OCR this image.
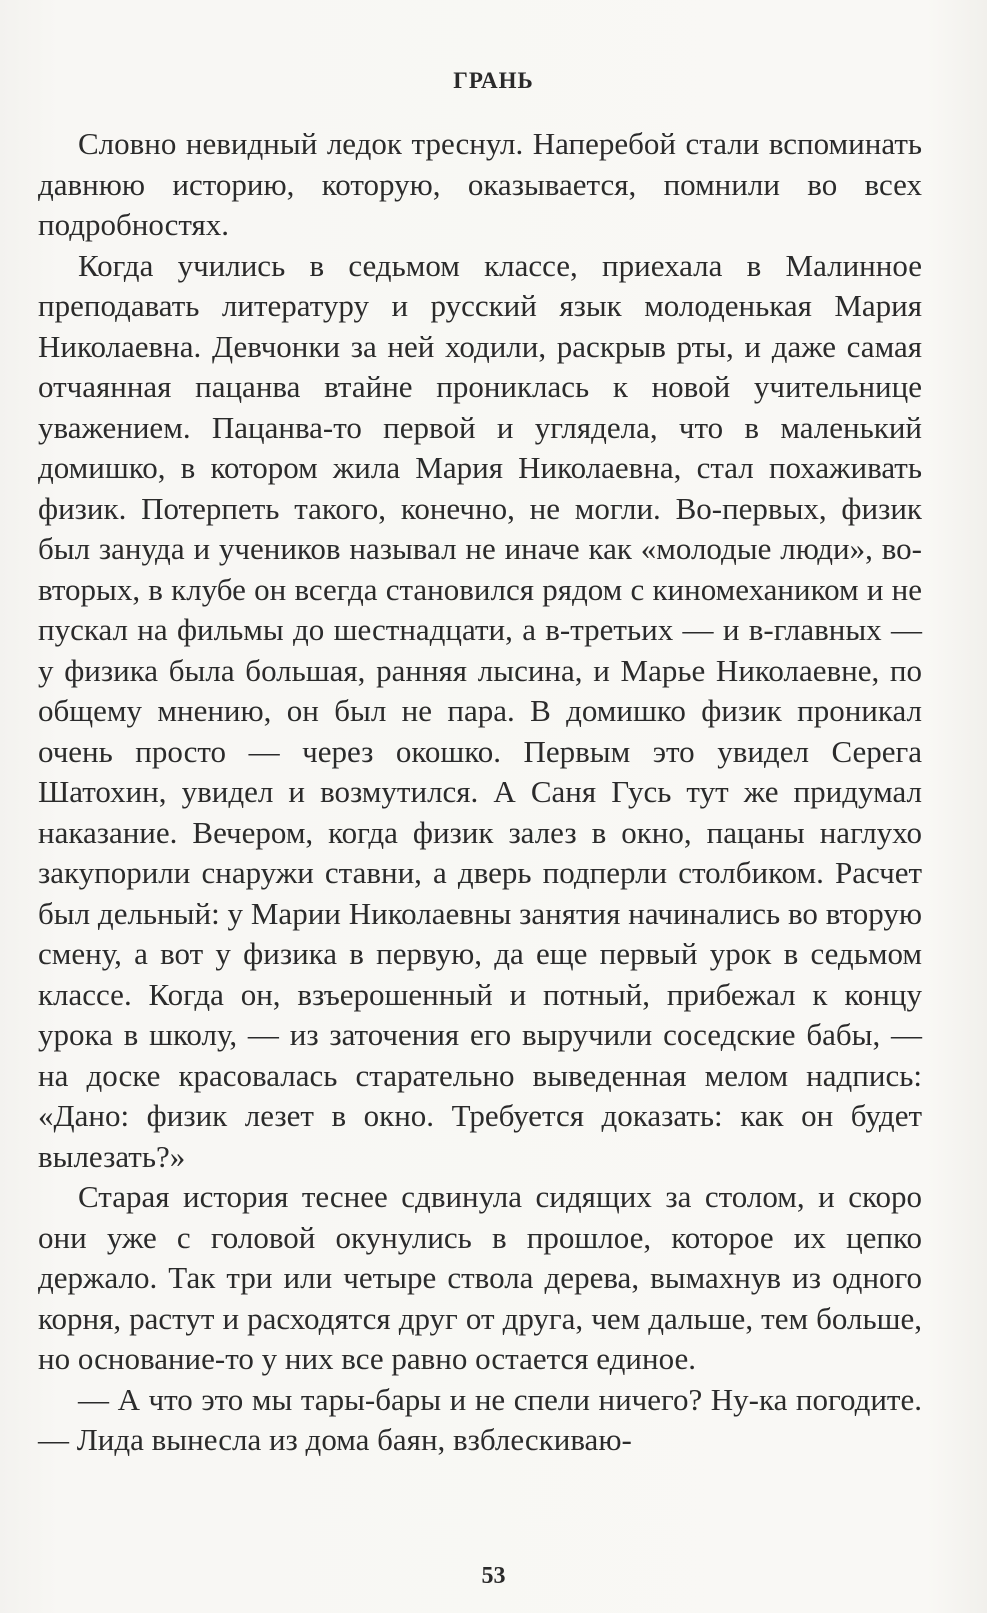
ГРАНЬ

Словно невидный ледок треснул. Наперебой стали вспоминать давнюю историю, которую, оказывается, помнили во всех подробностях.

Когда учились в седьмом классе, приехала в Малинное преподавать литературу и русский язык молоденькая Мария Николаевна. Девчонки за ней ходили, раскрыв рты, и даже самая отчаянная пацанва втайне прониклась к новой учительнице уважением. Пацанва-то первой и углядела, что в маленький домишко, в котором жила Мария Николаевна, стал похаживать физик. Потерпеть такого, конечно, не могли. Во-первых, физик был зануда и учеников называл не иначе как «молодые люди», во-вторых, в клубе он всегда становился рядом с киномехаником и не пускал на фильмы до шестнадцати, а в-третьих — и в-главных — у физика была большая, ранняя лысина, и Марье Николаевне, по общему мнению, он был не пара. В домишко физик проникал очень просто — через окошко. Первым это увидел Серега Шатохин, увидел и возмутился. А Саня Гусь тут же придумал наказание. Вечером, когда физик залез в окно, пацаны наглухо закупорили снаружи ставни, а дверь подперли столбиком. Расчет был дельный: у Марии Николаевны занятия начинались во вторую смену, а вот у физика в первую, да еще первый урок в седьмом классе. Когда он, взъерошенный и потный, прибежал к концу урока в школу, — из заточения его выручили соседские бабы, — на доске красовалась старательно выведенная мелом надпись: «Дано: физик лезет в окно. Требуется доказать: как он будет вылезать?»

Старая история теснее сдвинула сидящих за столом, и скоро они уже с головой окунулись в прошлое, которое их цепко держало. Так три или четыре ствола дерева, вымахнув из одного корня, растут и расходятся друг от друга, чем дальше, тем больше, но основание-то у них все равно остается единое.

— А что это мы тары-бары и не спели ничего? Ну-ка погодите. — Лида вынесла из дома баян, взблескиваю-

53
